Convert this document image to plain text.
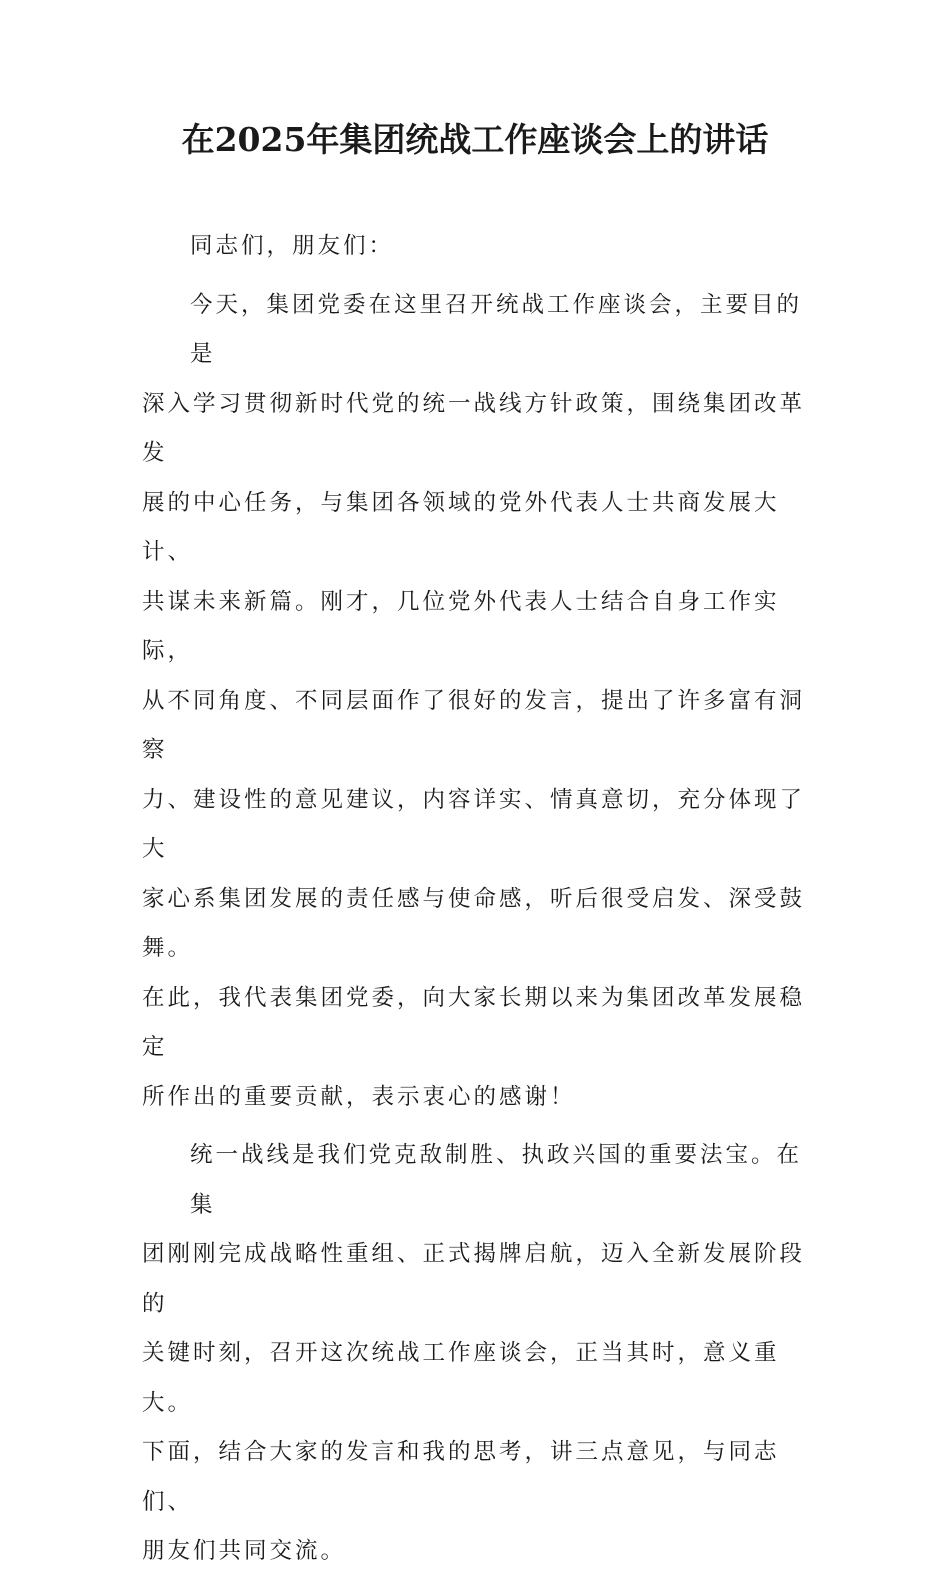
在2025年集团统战工作座谈会上的讲话
同志们，朋友们：
今天，集团党委在这里召开统战工作座谈会，主要目的是
深入学习贯彻新时代党的统一战线方针政策，围绕集团改革发
展的中心任务，与集团各领域的党外代表人士共商发展大计、
共谋未来新篇。刚才，几位党外代表人士结合自身工作实际，
从不同角度、不同层面作了很好的发言，提出了许多富有洞察
力、建设性的意见建议，内容详实、情真意切，充分体现了大
家心系集团发展的责任感与使命感，听后很受启发、深受鼓舞。
在此，我代表集团党委，向大家长期以来为集团改革发展稳定
所作出的重要贡献，表示衷心的感谢！
统一战线是我们党克敌制胜、执政兴国的重要法宝。在集
团刚刚完成战略性重组、正式揭牌启航，迈入全新发展阶段的
关键时刻，召开这次统战工作座谈会，正当其时，意义重大。
下面，结合大家的发言和我的思考，讲三点意见，与同志们、
朋友们共同交流。
